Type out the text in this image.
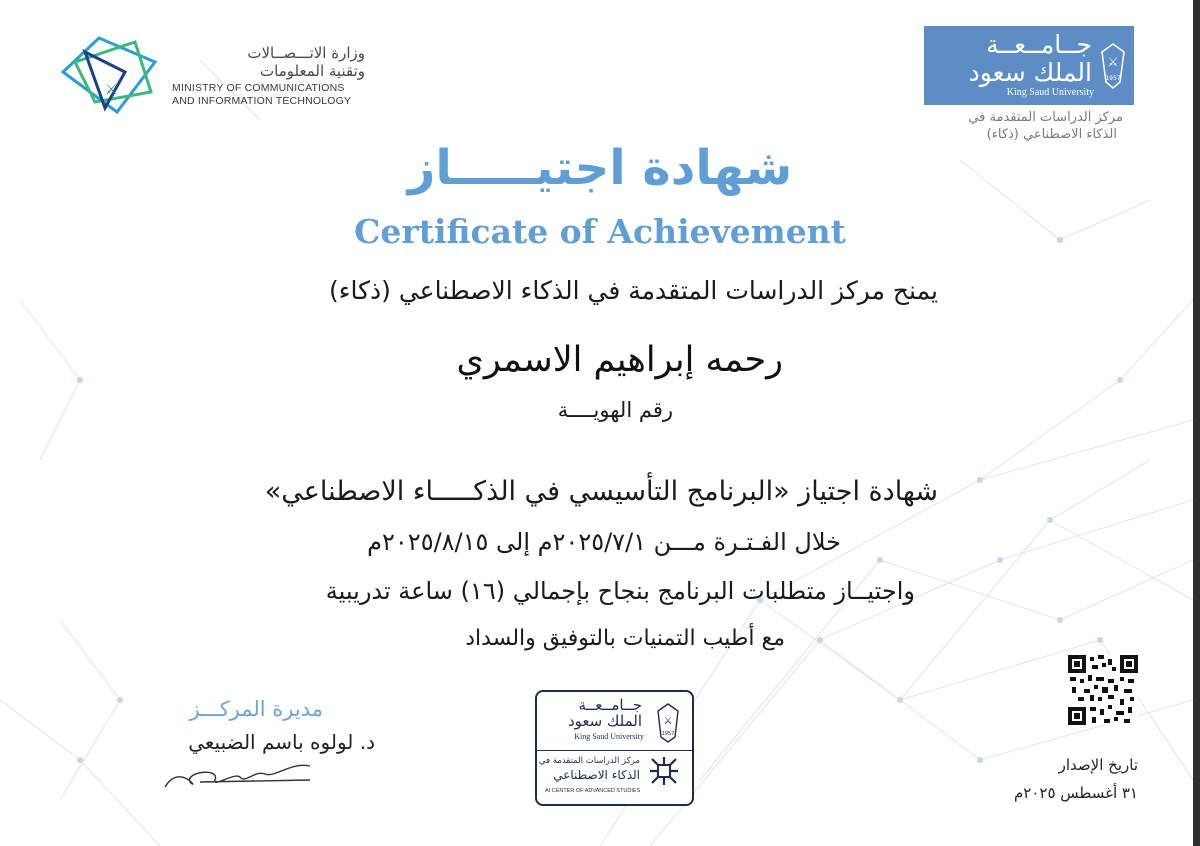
⚔
وزارة الاتـــصــالات
وتقنية المعلومات
MINISTRY OF COMMUNICATIONS
AND INFORMATION TECHNOLOGY
جــامــعــة
الملك سعود
King Saud University
⚔
1957
مركز الدراسات المتقدمة في
الذكاء الاصطناعي (ذكاء)
شهادة اجتيـــــاز
Certificate of Achievement
يمنح مركز الدراسات المتقدمة في الذكاء الاصطناعي (ذكاء)
رحمه إبراهيم الاسمري
رقم الهويــــة
شهادة اجتياز «البرنامج التأسيسي في الذكـــــاء الاصطناعي»
خلال الفـتـرة مـــن ٢٠٢٥/٧/١م إلى ٢٠٢٥/٨/١٥م
واجتيــاز متطلبات البرنامج بنجاح بإجمالي (١٦) ساعة تدريبية
مع أطيب التمنيات بالتوفيق والسداد
مديرة المركـــز
د. لولوه باسم الضبيعي
جــامــعــة
الملك سعود
King Saud University
⚔
1957
مركز الدراسات المتقدمة في
الذكاء الاصطناعي
AI CENTER OF ADVANCED STUDIES
تاريخ الإصدار
٣١ أغسطس ٢٠٢٥م
